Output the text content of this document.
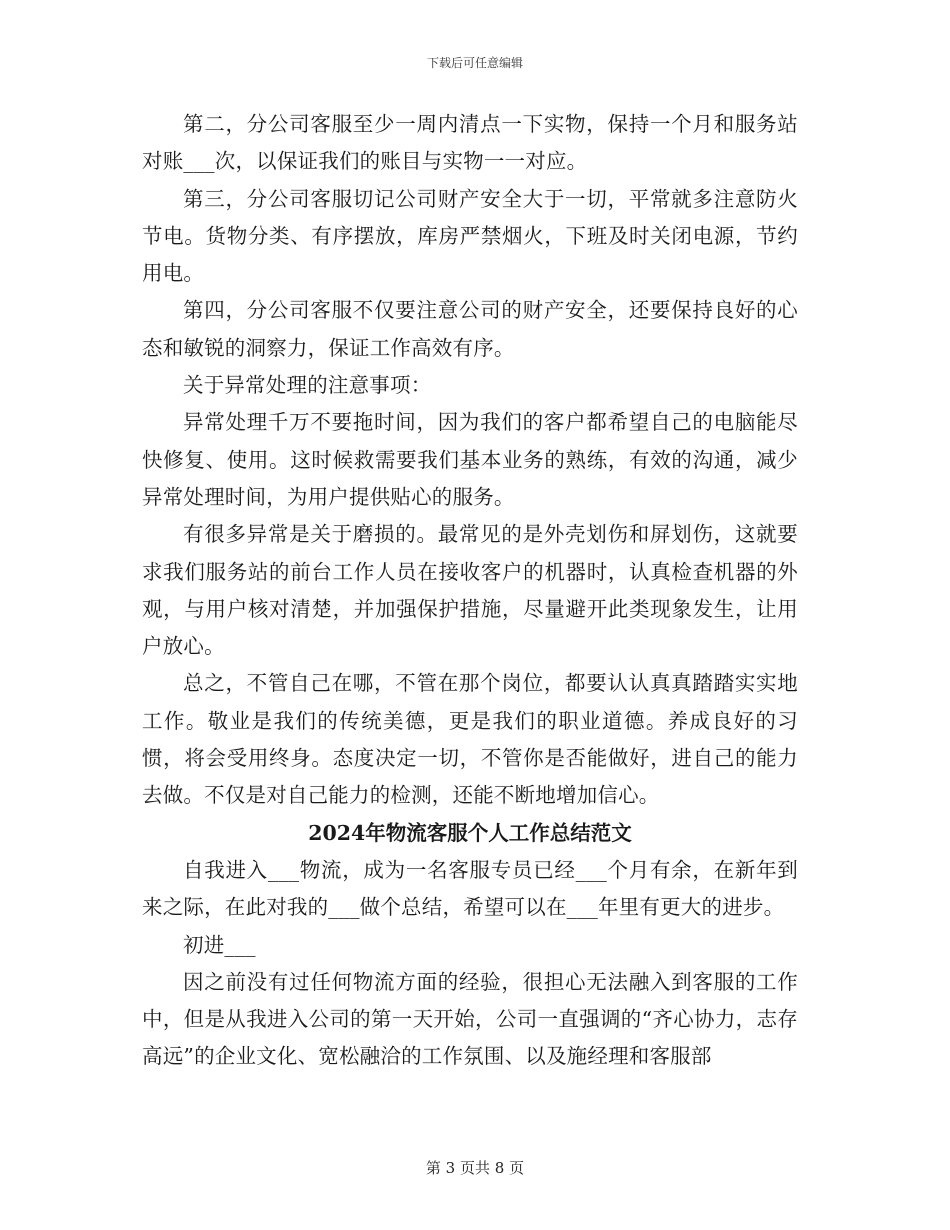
下载后可任意编辑

第二，分公司客服至少一周内清点一下实物，保持一个月和服务站对账___次，以保证我们的账目与实物一一对应。

第三，分公司客服切记公司财产安全大于一切，平常就多注意防火节电。货物分类、有序摆放，库房严禁烟火，下班及时关闭电源，节约用电。

第四，分公司客服不仅要注意公司的财产安全，还要保持良好的心态和敏锐的洞察力，保证工作高效有序。

关于异常处理的注意事项：

异常处理千万不要拖时间，因为我们的客户都希望自己的电脑能尽快修复、使用。这时候救需要我们基本业务的熟练，有效的沟通，减少异常处理时间，为用户提供贴心的服务。

有很多异常是关于磨损的。最常见的是外壳划伤和屏划伤，这就要求我们服务站的前台工作人员在接收客户的机器时，认真检查机器的外观，与用户核对清楚，并加强保护措施，尽量避开此类现象发生，让用户放心。

总之，不管自己在哪，不管在那个岗位，都要认认真真踏踏实实地工作。敬业是我们的传统美德，更是我们的职业道德。养成良好的习惯，将会受用终身。态度决定一切，不管你是否能做好，进自己的能力去做。不仅是对自己能力的检测，还能不断地增加信心。

2024年物流客服个人工作总结范文

自我进入___物流，成为一名客服专员已经___个月有余，在新年到来之际，在此对我的___做个总结，希望可以在___年里有更大的进步。

初进___

因之前没有过任何物流方面的经验，很担心无法融入到客服的工作中，但是从我进入公司的第一天开始，公司一直强调的“齐心协力，志存高远”的企业文化、宽松融洽的工作氛围、以及施经理和客服部

第 3 页共 8 页
